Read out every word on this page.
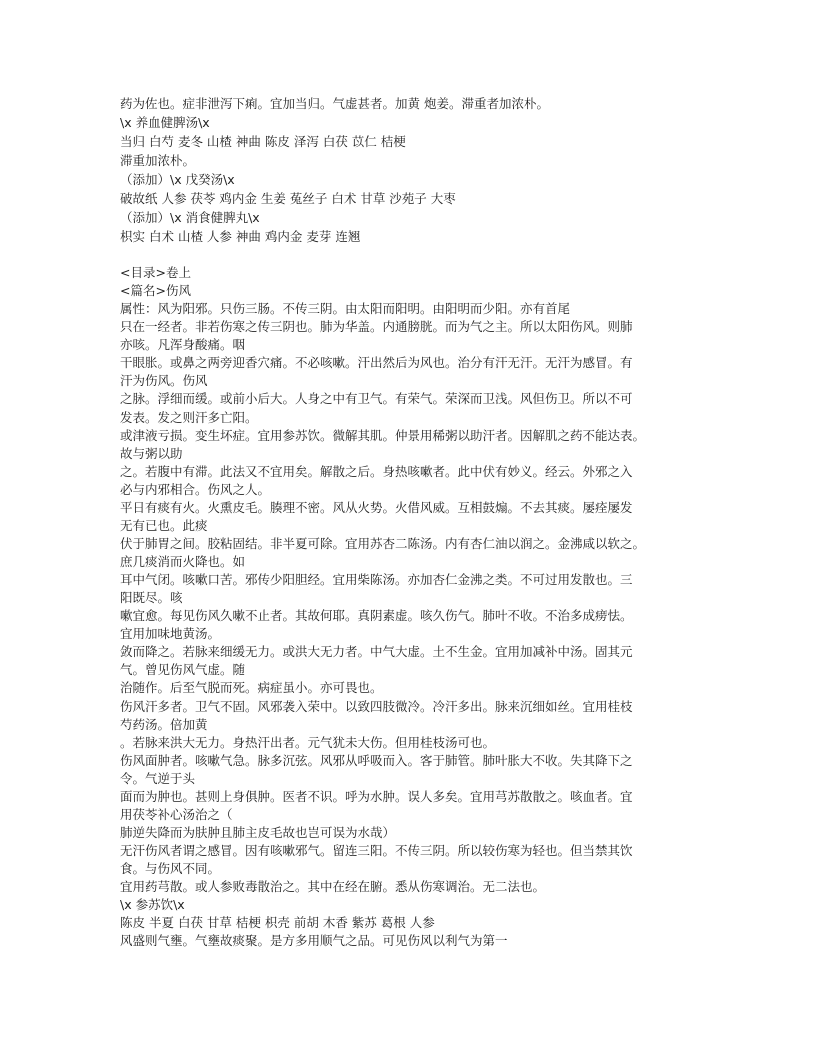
药为佐也。症非泄泻下痢。宜加当归。气虚甚者。加黄 炮姜。滞重者加浓朴。
\x 养血健脾汤\x
当归 白芍 麦冬 山楂 神曲 陈皮 泽泻 白茯 苡仁 桔梗
滞重加浓朴。
（添加）\x 戊癸汤\x
破故纸 人参 茯苓 鸡内金 生姜 菟丝子 白术 甘草 沙苑子 大枣
（添加）\x 消食健脾丸\x
枳实 白术 山楂 人参 神曲 鸡内金 麦芽 连翘
<目录>卷上
<篇名>伤风
属性：风为阳邪。只伤三肠。不传三阴。由太阳而阳明。由阳明而少阳。亦有首尾
只在一经者。非若伤寒之传三阴也。肺为华盖。内通膀胱。而为气之主。所以太阳伤风。则肺
亦咳。凡浑身酸痛。咽
干眼胀。或鼻之两旁迎香穴痛。不必咳嗽。汗出然后为风也。治分有汗无汗。无汗为感冒。有
汗为伤风。伤风
之脉。浮细而缓。或前小后大。人身之中有卫气。有荣气。荣深而卫浅。风但伤卫。所以不可
发表。发之则汗多亡阳。
或津液亏损。变生坏症。宜用参苏饮。微解其肌。仲景用稀粥以助汗者。因解肌之药不能达表。
故与粥以助
之。若腹中有滞。此法又不宜用矣。解散之后。身热咳嗽者。此中伏有妙义。经云。外邪之入
必与内邪相合。伤风之人。
平日有痰有火。火熏皮毛。腠理不密。风从火势。火借风威。互相鼓煽。不去其痰。屡痊屡发
无有已也。此痰
伏于肺胃之间。胶粘固结。非半夏可除。宜用苏杏二陈汤。内有杏仁油以润之。金沸咸以软之。
庶几痰消而火降也。如
耳中气闭。咳嗽口苦。邪传少阳胆经。宜用柴陈汤。亦加杏仁金沸之类。不可过用发散也。三
阳既尽。咳
嗽宜愈。每见伤风久嗽不止者。其故何耶。真阴素虚。咳久伤气。肺叶不收。不治多成痨怯。
宜用加味地黄汤。
敛而降之。若脉来细缓无力。或洪大无力者。中气大虚。土不生金。宜用加减补中汤。固其元
气。曾见伤风气虚。随
治随作。后至气脱而死。病症虽小。亦可畏也。
伤风汗多者。卫气不固。风邪袭入荣中。以致四肢微冷。冷汗多出。脉来沉细如丝。宜用桂枝
芍药汤。倍加黄
。若脉来洪大无力。身热汗出者。元气犹未大伤。但用桂枝汤可也。
伤风面肿者。咳嗽气急。脉多沉弦。风邪从呼吸而入。客于肺管。肺叶胀大不收。失其降下之
令。气逆于头
面而为肿也。甚则上身俱肿。医者不识。呼为水肿。误人多矣。宜用芎苏散散之。咳血者。宜
用茯苓补心汤治之（
肺逆失降而为肤肿且肺主皮毛故也岂可误为水哉）
无汗伤风者谓之感冒。因有咳嗽邪气。留连三阳。不传三阴。所以较伤寒为轻也。但当禁其饮
食。与伤风不同。
宜用药芎散。或人参败毒散治之。其中在经在腑。悉从伤寒调治。无二法也。
\x 参苏饮\x
陈皮 半夏 白茯 甘草 桔梗 枳壳 前胡 木香 紫苏 葛根 人参
风盛则气壅。气壅故痰聚。是方多用顺气之品。可见伤风以利气为第一
